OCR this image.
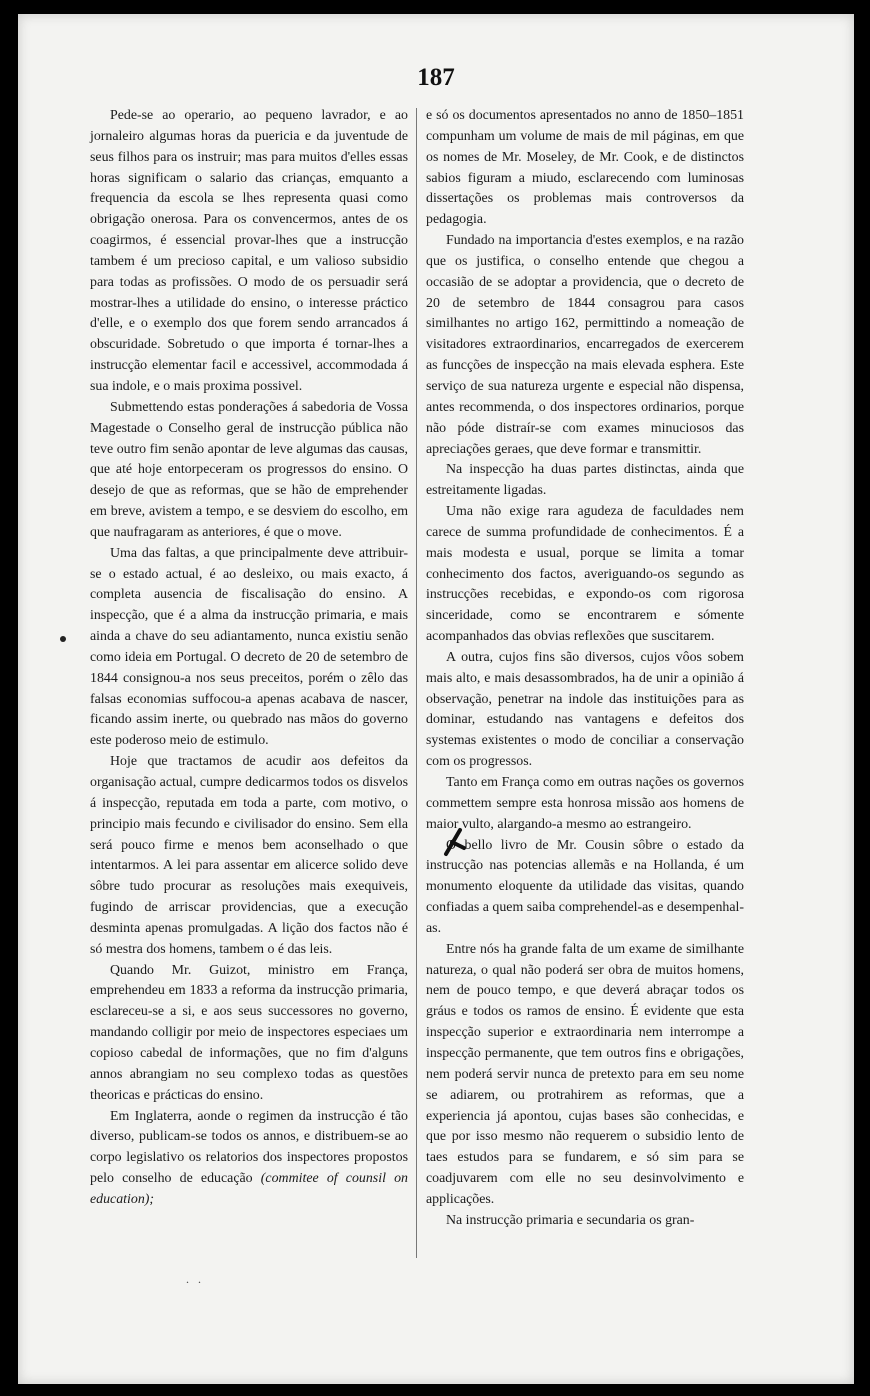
187

Pede-se ao operario, ao pequeno lavrador, e ao jornaleiro algumas horas da puericia e da juventude de seus filhos para os instruir; mas para muitos d'elles essas horas significam o salario das crianças, emquanto a frequencia da escola se lhes representa quasi como obrigação onerosa. Para os convencermos, antes de os coagirmos, é essencial provar-lhes que a instrucção tambem é um precioso capital, e um valioso subsidio para todas as profissões. O modo de os persuadir será mostrar-lhes a utilidade do ensino, o interesse práctico d'elle, e o exemplo dos que forem sendo arrancados á obscuridade. Sobretudo o que importa é tornar-lhes a instrucção elementar facil e accessivel, accommodada á sua indole, e o mais proxima possivel.

Submettendo estas ponderações á sabedoria de Vossa Magestade o Conselho geral de instrucção pública não teve outro fim senão apontar de leve algumas das causas, que até hoje entorpeceram os progressos do ensino. O desejo de que as reformas, que se hão de emprehender em breve, avistem a tempo, e se desviem do escolho, em que naufragaram as anteriores, é que o move.

Uma das faltas, a que principalmente deve attribuir-se o estado actual, é ao desleixo, ou mais exacto, á completa ausencia de fiscalisação do ensino. A inspecção, que é a alma da instrucção primaria, e mais ainda a chave do seu adiantamento, nunca existiu senão como ideia em Portugal. O decreto de 20 de setembro de 1844 consignou-a nos seus preceitos, porém o zêlo das falsas economias suffocou-a apenas acabava de nascer, ficando assim inerte, ou quebrado nas mãos do governo este poderoso meio de estimulo.

Hoje que tractamos de acudir aos defeitos da organisação actual, cumpre dedicarmos todos os disvelos á inspecção, reputada em toda a parte, com motivo, o principio mais fecundo e civilisador do ensino. Sem ella será pouco firme e menos bem aconselhado o que intentarmos. A lei para assentar em alicerce solido deve sôbre tudo procurar as resoluções mais exequiveis, fugindo de arriscar providencias, que a execução desminta apenas promulgadas. A lição dos factos não é só mestra dos homens, tambem o é das leis.

Quando Mr. Guizot, ministro em França, emprehendeu em 1833 a reforma da instrucção primaria, esclareceu-se a si, e aos seus successores no governo, mandando colligir por meio de inspectores especiaes um copioso cabedal de informações, que no fim d'alguns annos abrangiam no seu complexo todas as questões theoricas e prácticas do ensino.

Em Inglaterra, aonde o regimen da instrucção é tão diverso, publicam-se todos os annos, e distribuem-se ao corpo legislativo os relatorios dos inspectores propostos pelo conselho de educação (commitee of counsil on education);

e só os documentos apresentados no anno de 1850–1851 compunham um volume de mais de mil páginas, em que os nomes de Mr. Moseley, de Mr. Cook, e de distinctos sabios figuram a miudo, esclarecendo com luminosas dissertações os problemas mais controversos da pedagogia.

Fundado na importancia d'estes exemplos, e na razão que os justifica, o conselho entende que chegou a occasião de se adoptar a providencia, que o decreto de 20 de setembro de 1844 consagrou para casos similhantes no artigo 162, permittindo a nomeação de visitadores extraordinarios, encarregados de exercerem as funcções de inspecção na mais elevada esphera. Este serviço de sua natureza urgente e especial não dispensa, antes recommenda, o dos inspectores ordinarios, porque não póde distraír-se com exames minuciosos das apreciações geraes, que deve formar e transmittir.

Na inspecção ha duas partes distinctas, ainda que estreitamente ligadas.

Uma não exige rara agudeza de faculdades nem carece de summa profundidade de conhecimentos. É a mais modesta e usual, porque se limita a tomar conhecimento dos factos, averiguando-os segundo as instrucções recebidas, e expondo-os com rigorosa sinceridade, como se encontrarem e sómente acompanhados das obvias reflexões que suscitarem.

A outra, cujos fins são diversos, cujos vôos sobem mais alto, e mais desassombrados, ha de unir a opinião á observação, penetrar na indole das instituições para as dominar, estudando nas vantagens e defeitos dos systemas existentes o modo de conciliar a conservação com os progressos.

Tanto em França como em outras nações os governos commettem sempre esta honrosa missão aos homens de maior vulto, alargando-a mesmo ao estrangeiro.

O bello livro de Mr. Cousin sôbre o estado da instrucção nas potencias allemãs e na Hollanda, é um monumento eloquente da utilidade das visitas, quando confiadas a quem saiba comprehendel-as e desempenhal-as.

Entre nós ha grande falta de um exame de similhante natureza, o qual não poderá ser obra de muitos homens, nem de pouco tempo, e que deverá abraçar todos os gráus e todos os ramos de ensino. É evidente que esta inspecção superior e extraordinaria nem interrompe a inspecção permanente, que tem outros fins e obrigações, nem poderá servir nunca de pretexto para em seu nome se adiarem, ou protrahirem as reformas, que a experiencia já apontou, cujas bases são conhecidas, e que por isso mesmo não requerem o subsidio lento de taes estudos para se fundarem, e só sim para se coadjuvarem com elle no seu desinvolvimento e applicações.

Na instrucção primaria e secundaria os gran-

. .
